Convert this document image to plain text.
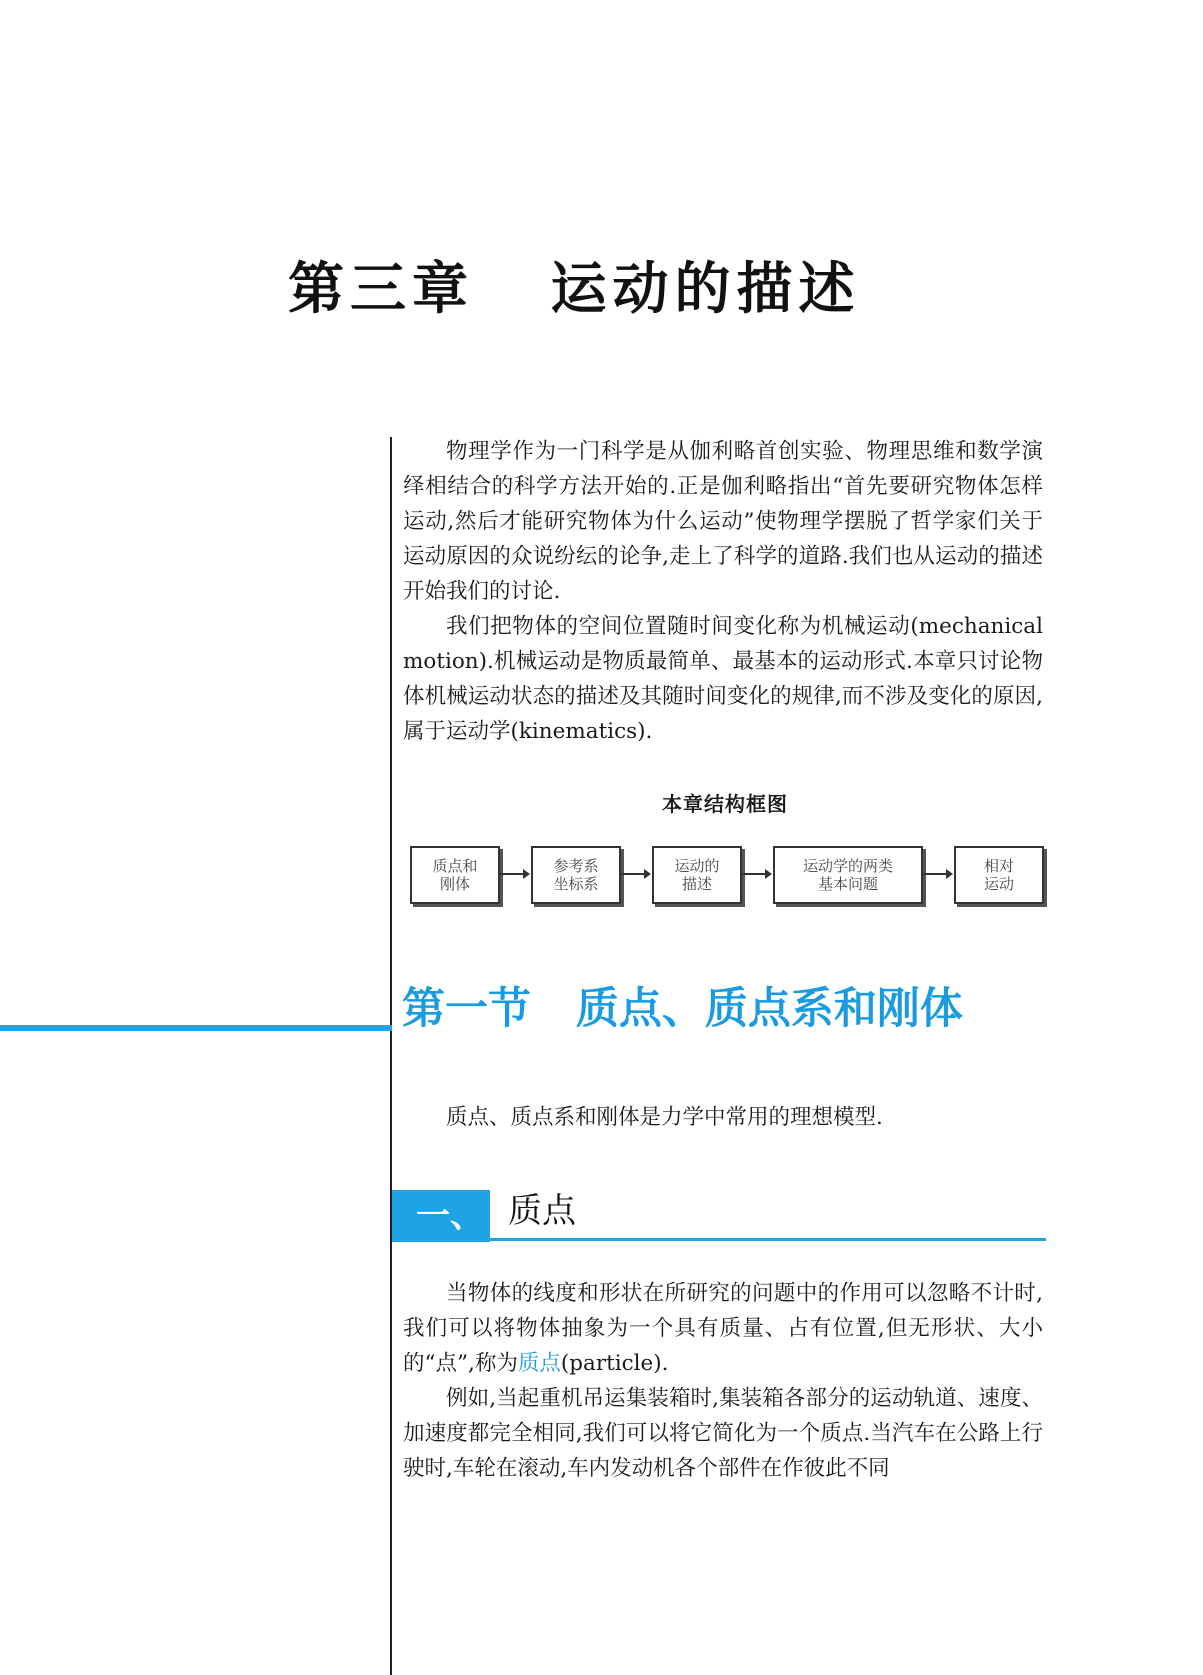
第三章   运动的描述

物理学作为一门科学是从伽利略首创实验、物理思维和数学演绎相结合的科学方法开始的.正是伽利略指出“首先要研究物体怎样运动,然后才能研究物体为什么运动”使物理学摆脱了哲学家们关于运动原因的众说纷纭的论争,走上了科学的道路.我们也从运动的描述开始我们的讨论.

我们把物体的空间位置随时间变化称为机械运动(mechanical motion).机械运动是物质最简单、最基本的运动形式.本章只讨论物体机械运动状态的描述及其随时间变化的规律,而不涉及变化的原因,属于运动学(kinematics).

本章结构框图
质点和
刚体
参考系
坐标系
运动的
描述
运动学的两类
基本问题
相对
运动
第一节   质点、质点系和刚体

质点、质点系和刚体是力学中常用的理想模型.

一、 质点

当物体的线度和形状在所研究的问题中的作用可以忽略不计时,我们可以将物体抽象为一个具有质量、占有位置,但无形状、大小的“点”,称为质点(particle).

例如,当起重机吊运集装箱时,集装箱各部分的运动轨道、速度、加速度都完全相同,我们可以将它简化为一个质点.当汽车在公路上行驶时,车轮在滚动,车内发动机各个部件在作彼此不同
